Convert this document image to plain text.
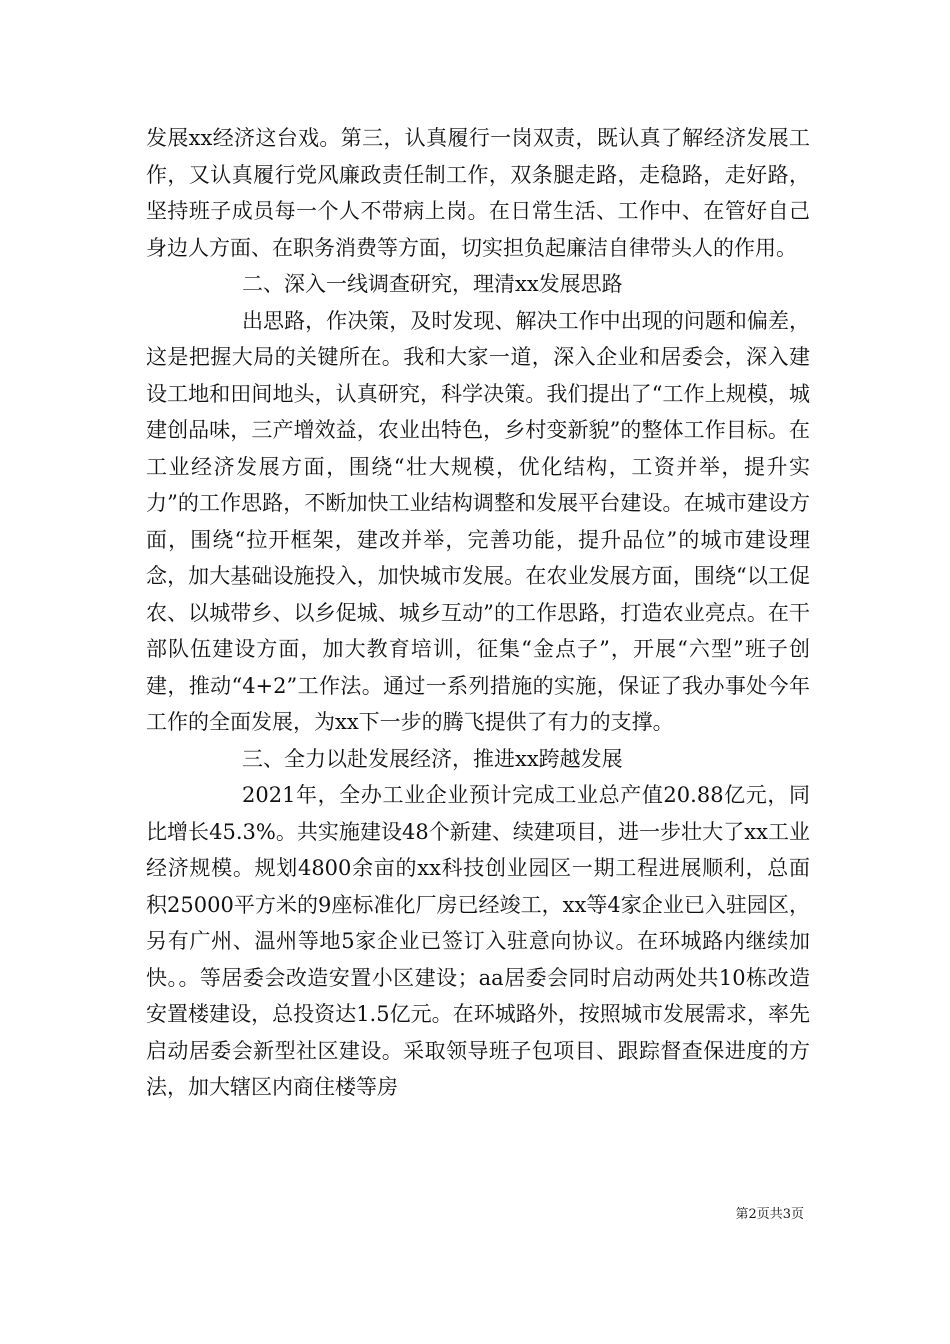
发展xx经济这台戏。第三，认真履行一岗双责，既认真了解经济发展工作，又认真履行党风廉政责任制工作，双条腿走路，走稳路，走好路，坚持班子成员每一个人不带病上岗。在日常生活、工作中、在管好自己身边人方面、在职务消费等方面，切实担负起廉洁自律带头人的作用。

二、深入一线调查研究，理清xx发展思路

出思路，作决策，及时发现、解决工作中出现的问题和偏差，这是把握大局的关键所在。我和大家一道，深入企业和居委会，深入建设工地和田间地头，认真研究，科学决策。我们提出了“工作上规模，城建创品味，三产增效益，农业出特色，乡村变新貌”的整体工作目标。在工业经济发展方面，围绕“壮大规模，优化结构，工资并举，提升实力”的工作思路，不断加快工业结构调整和发展平台建设。在城市建设方面，围绕“拉开框架，建改并举，完善功能，提升品位”的城市建设理念，加大基础设施投入，加快城市发展。在农业发展方面，围绕“以工促农、以城带乡、以乡促城、城乡互动”的工作思路，打造农业亮点。在干部队伍建设方面，加大教育培训，征集“金点子”，开展“六型”班子创建，推动“4+2”工作法。通过一系列措施的实施，保证了我办事处今年工作的全面发展，为xx下一步的腾飞提供了有力的支撑。

三、全力以赴发展经济，推进xx跨越发展

2021年，全办工业企业预计完成工业总产值20.88亿元，同比增长45.3%。共实施建设48个新建、续建项目，进一步壮大了xx工业经济规模。规划4800余亩的xx科技创业园区一期工程进展顺利，总面积25000平方米的9座标准化厂房已经竣工，xx等4家企业已入驻园区，另有广州、温州等地5家企业已签订入驻意向协议。在环城路内继续加快。。等居委会改造安置小区建设；aa居委会同时启动两处共10栋改造安置楼建设，总投资达1.5亿元。在环城路外，按照城市发展需求，率先启动居委会新型社区建设。采取领导班子包项目、跟踪督查保进度的方法，加大辖区内商住楼等房

第2页共3页
